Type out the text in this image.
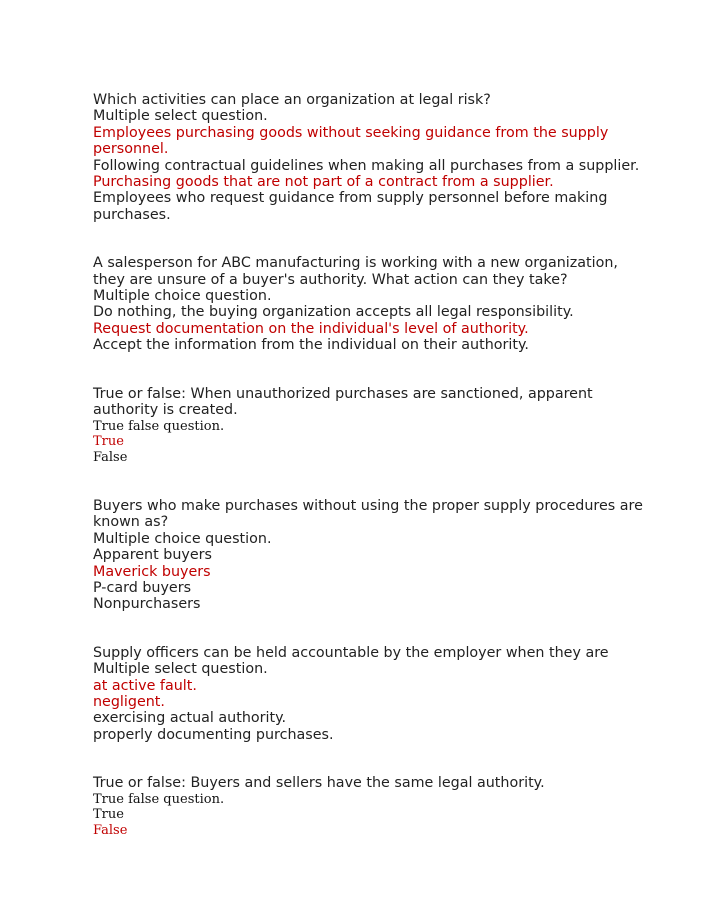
Which activities can place an organization at legal risk?
Multiple select question.
Employees purchasing goods without seeking guidance from the supply personnel.
Following contractual guidelines when making all purchases from a supplier.
Purchasing goods that are not part of a contract from a supplier.
Employees who request guidance from supply personnel before making purchases.
A salesperson for ABC manufacturing is working with a new organization, they are unsure of a buyer's authority. What action can they take?
Multiple choice question.
Do nothing, the buying organization accepts all legal responsibility.
Request documentation on the individual's level of authority.
Accept the information from the individual on their authority.
True or false: When unauthorized purchases are sanctioned, apparent authority is created.
True false question.
True
False
Buyers who make purchases without using the proper supply procedures are known as?
Multiple choice question.
Apparent buyers
Maverick buyers
P-card buyers
Nonpurchasers
Supply officers can be held accountable by the employer when they are
Multiple select question.
at active fault.
negligent.
exercising actual authority.
properly documenting purchases.
True or false: Buyers and sellers have the same legal authority.
True false question.
True
False
